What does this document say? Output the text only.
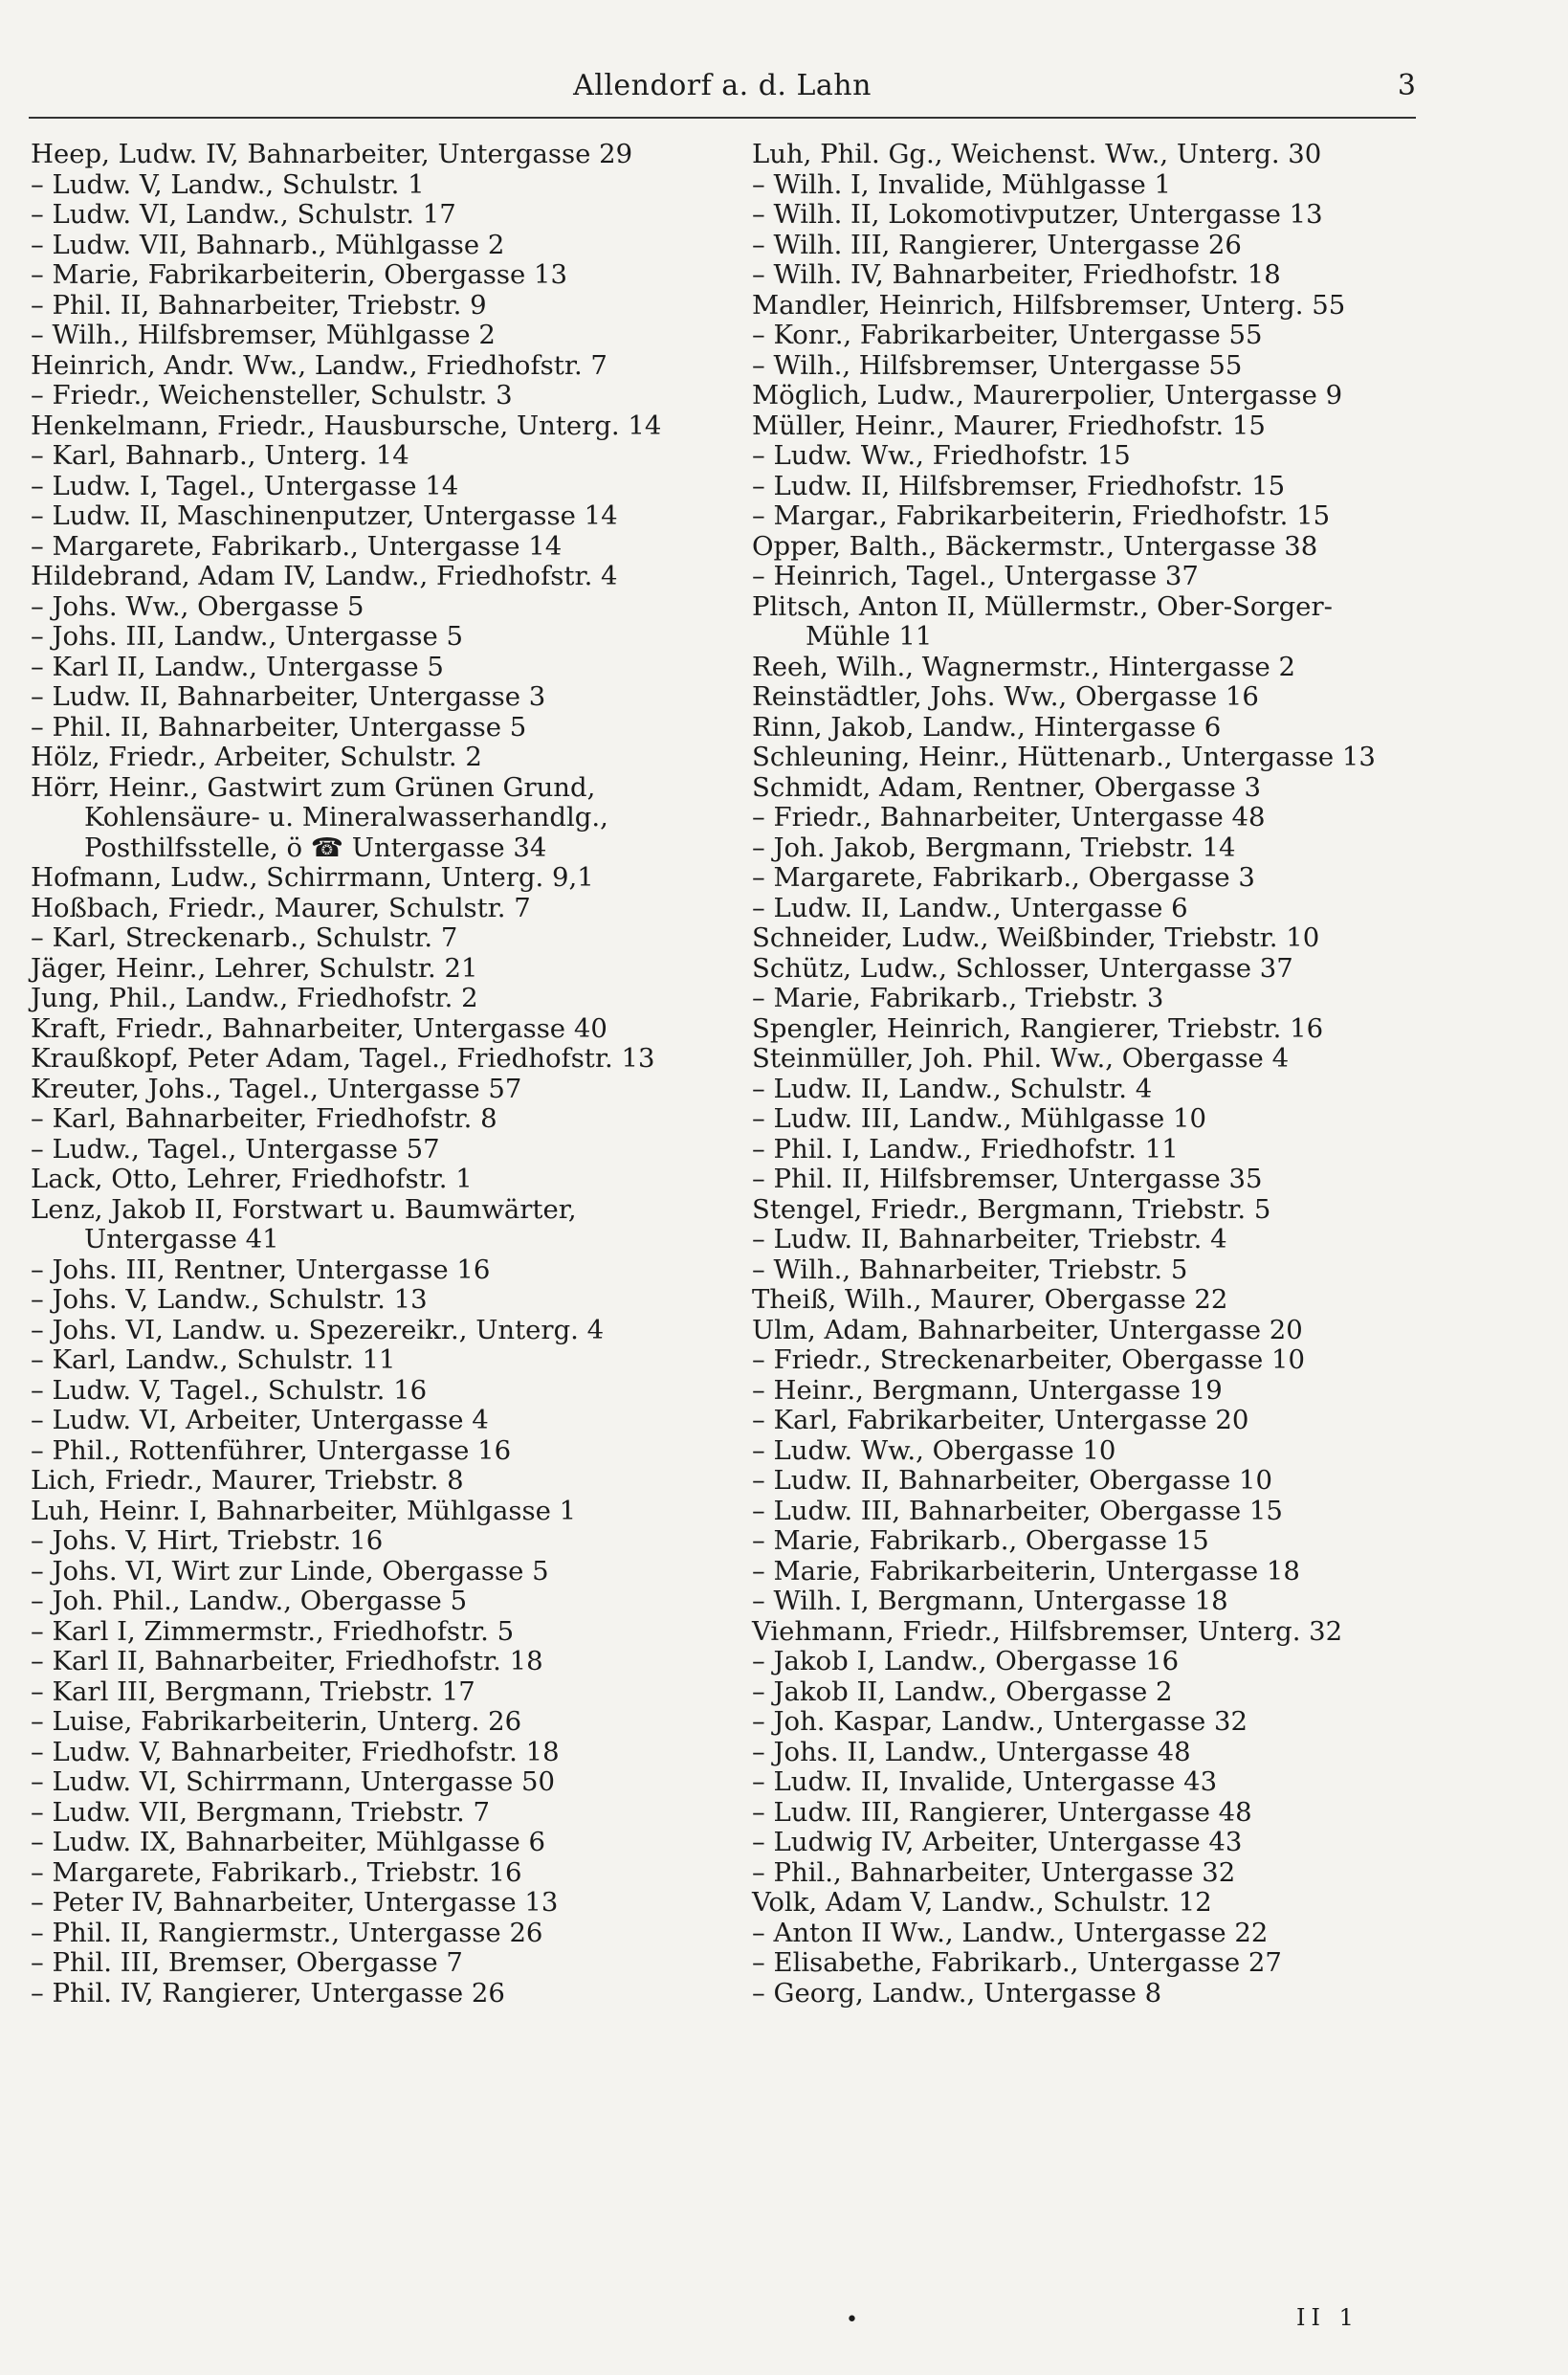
Allendorf a. d. Lahn	3
Heep, Ludw. IV, Bahnarbeiter, Untergasse 29
– Ludw. V, Landw., Schulstr. 1
– Ludw. VI, Landw., Schulstr. 17
– Ludw. VII, Bahnarb., Mühlgasse 2
– Marie, Fabrikarbeiterin, Obergasse 13
– Phil. II, Bahnarbeiter, Triebstr. 9
– Wilh., Hilfsbremser, Mühlgasse 2
Heinrich, Andr. Ww., Landw., Friedhofstr. 7
– Friedr., Weichensteller, Schulstr. 3
Henkelmann, Friedr., Hausbursche, Unterg. 14
– Karl, Bahnarb., Unterg. 14
– Ludw. I, Tagel., Untergasse 14
– Ludw. II, Maschinenputzer, Untergasse 14
– Margarete, Fabrikarb., Untergasse 14
Hildebrand, Adam IV, Landw., Friedhofstr. 4
– Johs. Ww., Obergasse 5
– Johs. III, Landw., Untergasse 5
– Karl II, Landw., Untergasse 5
– Ludw. II, Bahnarbeiter, Untergasse 3
– Phil. II, Bahnarbeiter, Untergasse 5
Hölz, Friedr., Arbeiter, Schulstr. 2
Hörr, Heinr., Gastwirt zum Grünen Grund,
Kohlensäure- u. Mineralwasserhandlg.,
Posthilfsstelle, ö ☎ Untergasse 34
Hofmann, Ludw., Schirrmann, Unterg. 9,1
Hoßbach, Friedr., Maurer, Schulstr. 7
– Karl, Streckenarb., Schulstr. 7
Jäger, Heinr., Lehrer, Schulstr. 21
Jung, Phil., Landw., Friedhofstr. 2
Kraft, Friedr., Bahnarbeiter, Untergasse 40
Kraußkopf, Peter Adam, Tagel., Friedhofstr. 13
Kreuter, Johs., Tagel., Untergasse 57
– Karl, Bahnarbeiter, Friedhofstr. 8
– Ludw., Tagel., Untergasse 57
Lack, Otto, Lehrer, Friedhofstr. 1
Lenz, Jakob II, Forstwart u. Baumwärter,
Untergasse 41
– Johs. III, Rentner, Untergasse 16
– Johs. V, Landw., Schulstr. 13
– Johs. VI, Landw. u. Spezereikr., Unterg. 4
– Karl, Landw., Schulstr. 11
– Ludw. V, Tagel., Schulstr. 16
– Ludw. VI, Arbeiter, Untergasse 4
– Phil., Rottenführer, Untergasse 16
Lich, Friedr., Maurer, Triebstr. 8
Luh, Heinr. I, Bahnarbeiter, Mühlgasse 1
– Johs. V, Hirt, Triebstr. 16
– Johs. VI, Wirt zur Linde, Obergasse 5
– Joh. Phil., Landw., Obergasse 5
– Karl I, Zimmermstr., Friedhofstr. 5
– Karl II, Bahnarbeiter, Friedhofstr. 18
– Karl III, Bergmann, Triebstr. 17
– Luise, Fabrikarbeiterin, Unterg. 26
– Ludw. V, Bahnarbeiter, Friedhofstr. 18
– Ludw. VI, Schirrmann, Untergasse 50
– Ludw. VII, Bergmann, Triebstr. 7
– Ludw. IX, Bahnarbeiter, Mühlgasse 6
– Margarete, Fabrikarb., Triebstr. 16
– Peter IV, Bahnarbeiter, Untergasse 13
– Phil. II, Rangiermstr., Untergasse 26
– Phil. III, Bremser, Obergasse 7
– Phil. IV, Rangierer, Untergasse 26
Luh, Phil. Gg., Weichenst. Ww., Unterg. 30
– Wilh. I, Invalide, Mühlgasse 1
– Wilh. II, Lokomotivputzer, Untergasse 13
– Wilh. III, Rangierer, Untergasse 26
– Wilh. IV, Bahnarbeiter, Friedhofstr. 18
Mandler, Heinrich, Hilfsbremser, Unterg. 55
– Konr., Fabrikarbeiter, Untergasse 55
– Wilh., Hilfsbremser, Untergasse 55
Möglich, Ludw., Maurerpolier, Untergasse 9
Müller, Heinr., Maurer, Friedhofstr. 15
– Ludw. Ww., Friedhofstr. 15
– Ludw. II, Hilfsbremser, Friedhofstr. 15
– Margar., Fabrikarbeiterin, Friedhofstr. 15
Opper, Balth., Bäckermstr., Untergasse 38
– Heinrich, Tagel., Untergasse 37
Plitsch, Anton II, Müllermstr., Ober-Sorger-
Mühle 11
Reeh, Wilh., Wagnermstr., Hintergasse 2
Reinstädtler, Johs. Ww., Obergasse 16
Rinn, Jakob, Landw., Hintergasse 6
Schleuning, Heinr., Hüttenarb., Untergasse 13
Schmidt, Adam, Rentner, Obergasse 3
– Friedr., Bahnarbeiter, Untergasse 48
– Joh. Jakob, Bergmann, Triebstr. 14
– Margarete, Fabrikarb., Obergasse 3
– Ludw. II, Landw., Untergasse 6
Schneider, Ludw., Weißbinder, Triebstr. 10
Schütz, Ludw., Schlosser, Untergasse 37
– Marie, Fabrikarb., Triebstr. 3
Spengler, Heinrich, Rangierer, Triebstr. 16
Steinmüller, Joh. Phil. Ww., Obergasse 4
– Ludw. II, Landw., Schulstr. 4
– Ludw. III, Landw., Mühlgasse 10
– Phil. I, Landw., Friedhofstr. 11
– Phil. II, Hilfsbremser, Untergasse 35
Stengel, Friedr., Bergmann, Triebstr. 5
– Ludw. II, Bahnarbeiter, Triebstr. 4
– Wilh., Bahnarbeiter, Triebstr. 5
Theiß, Wilh., Maurer, Obergasse 22
Ulm, Adam, Bahnarbeiter, Untergasse 20
– Friedr., Streckenarbeiter, Obergasse 10
– Heinr., Bergmann, Untergasse 19
– Karl, Fabrikarbeiter, Untergasse 20
– Ludw. Ww., Obergasse 10
– Ludw. II, Bahnarbeiter, Obergasse 10
– Ludw. III, Bahnarbeiter, Obergasse 15
– Marie, Fabrikarb., Obergasse 15
– Marie, Fabrikarbeiterin, Untergasse 18
– Wilh. I, Bergmann, Untergasse 18
Viehmann, Friedr., Hilfsbremser, Unterg. 32
– Jakob I, Landw., Obergasse 16
– Jakob II, Landw., Obergasse 2
– Joh. Kaspar, Landw., Untergasse 32
– Johs. II, Landw., Untergasse 48
– Ludw. II, Invalide, Untergasse 43
– Ludw. III, Rangierer, Untergasse 48
– Ludwig IV, Arbeiter, Untergasse 43
– Phil., Bahnarbeiter, Untergasse 32
Volk, Adam V, Landw., Schulstr. 12
– Anton II Ww., Landw., Untergasse 22
– Elisabethe, Fabrikarb., Untergasse 27
– Georg, Landw., Untergasse 8
•	II 1
